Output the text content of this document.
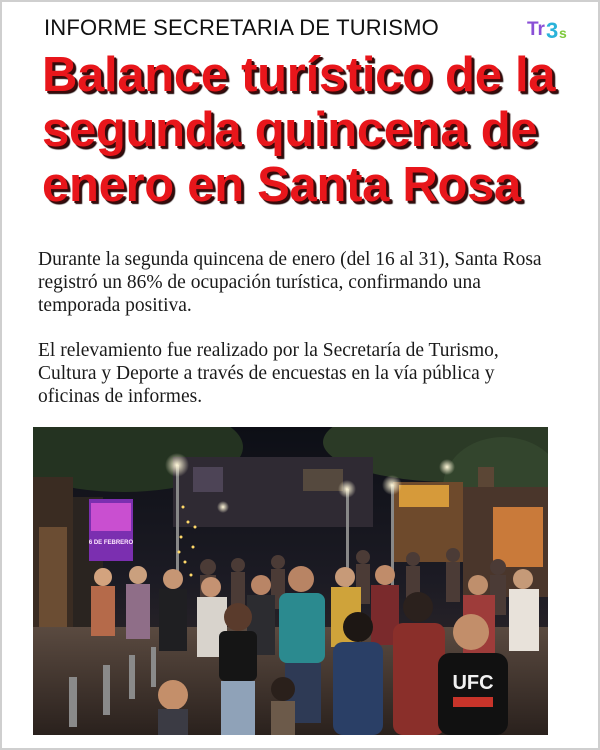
INFORME SECRETARIA DE TURISMO	Tr 3 s
Balance turístico de la
segunda quincena de
enero en Santa Rosa
Durante la segunda quincena de enero (del 16 al 31), Santa Rosa registró un 86% de ocupación turística, confirmando una temporada positiva.
El relevamiento fue realizado por la Secretaría de Turismo, Cultura y Deporte a través de encuestas en la vía pública y oficinas de informes.
6 DE FEBRERO
UFC
